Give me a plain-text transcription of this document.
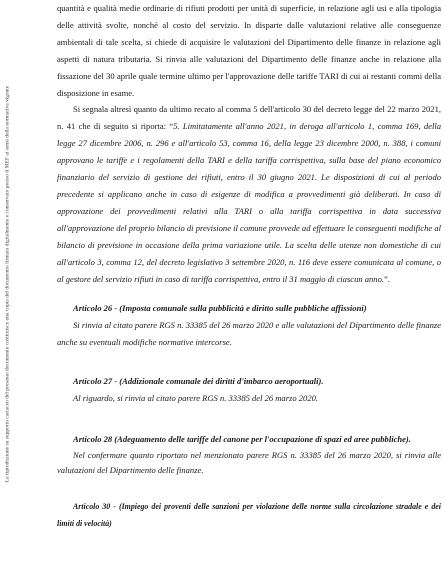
La riproduzione su supporto cartaceo del presente documento costituisce una copia del documento firmato digitalmente e conservato presso il MEF ai sensi della normativa vigente

quantità e qualità medie ordinarie di rifiuti prodotti per unità di superficie, in relazione agli usi e alla tipologia delle attività svolte, nonché al costo del servizio. In disparte dalle valutazioni relative alle conseguenze ambientali di tale scelta, si chiede di acquisire le valutazioni del Dipartimento delle finanze in relazione agli aspetti di natura tributaria. Si rinvia alle valutazioni del Dipartimento delle finanze anche in relazione alla fissazione del 30 aprile quale termine ultimo per l'approvazione delle tariffe TARI di cui ai restanti commi della disposizione in esame.

Si segnala altresì quanto da ultimo recato al comma 5 dell'articolo 30 del decreto legge del 22 marzo 2021, n. 41 che di seguito si riporta: “5. Limitatamente all'anno 2021, in deroga all'articolo 1, comma 169, della legge 27 dicembre 2006, n. 296 e all'articolo 53, comma 16, della legge 23 dicembre 2000, n. 388, i comuni approvano le tariffe e i regolamenti della TARI e della tariffa corrispettiva, sulla base del piano economico finanziario del servizio di gestione dei rifiuti, entro il 30 giugno 2021. Le disposizioni di cui al periodo precedente si applicano anche in caso di esigenze di modifica a provvedimenti già deliberati. In caso di approvazione dei provvedimenti relativi alla TARI o alla tariffa corrispettiva in data successiva all'approvazione del proprio bilancio di previsione il comune provvede ad effettuare le conseguenti modifiche al bilancio di previsione in occasione della prima variazione utile. La scelta delle utenze non domestiche di cui all'articolo 3, comma 12, del decreto legislativo 3 settembre 2020, n. 116 deve essere comunicata al comune, o al gestore del servizio rifiuti in caso di tariffa corrispettiva, entro il 31 maggio di ciascun anno.”.

Articolo 26 - (Imposta comunale sulla pubblicità e diritto sulle pubbliche affissioni)

Si rinvia al citato parere RGS n. 33385 del 26 marzo 2020 e alle valutazioni del Dipartimento delle finanze anche su eventuali modifiche normative intercorse.

Articolo 27 - (Addizionale comunale dei diritti d'imbarco aeroportuali).

Al riguardo, si rinvia al citato parere RGS n. 33385 del 26 marzo 2020.

Articolo 28 (Adeguamento delle tariffe del canone per l'occupazione di spazi ed aree pubbliche).

Nel confermare quanto riportato nel menzionato parere RGS n. 33385 del 26 marzo 2020, si rinvia alle valutazioni del Dipartimento delle finanze.

Articolo 30 - (Impiego dei proventi delle sanzioni per violazione delle norme sulla circolazione stradale e dei limiti di velocità)
